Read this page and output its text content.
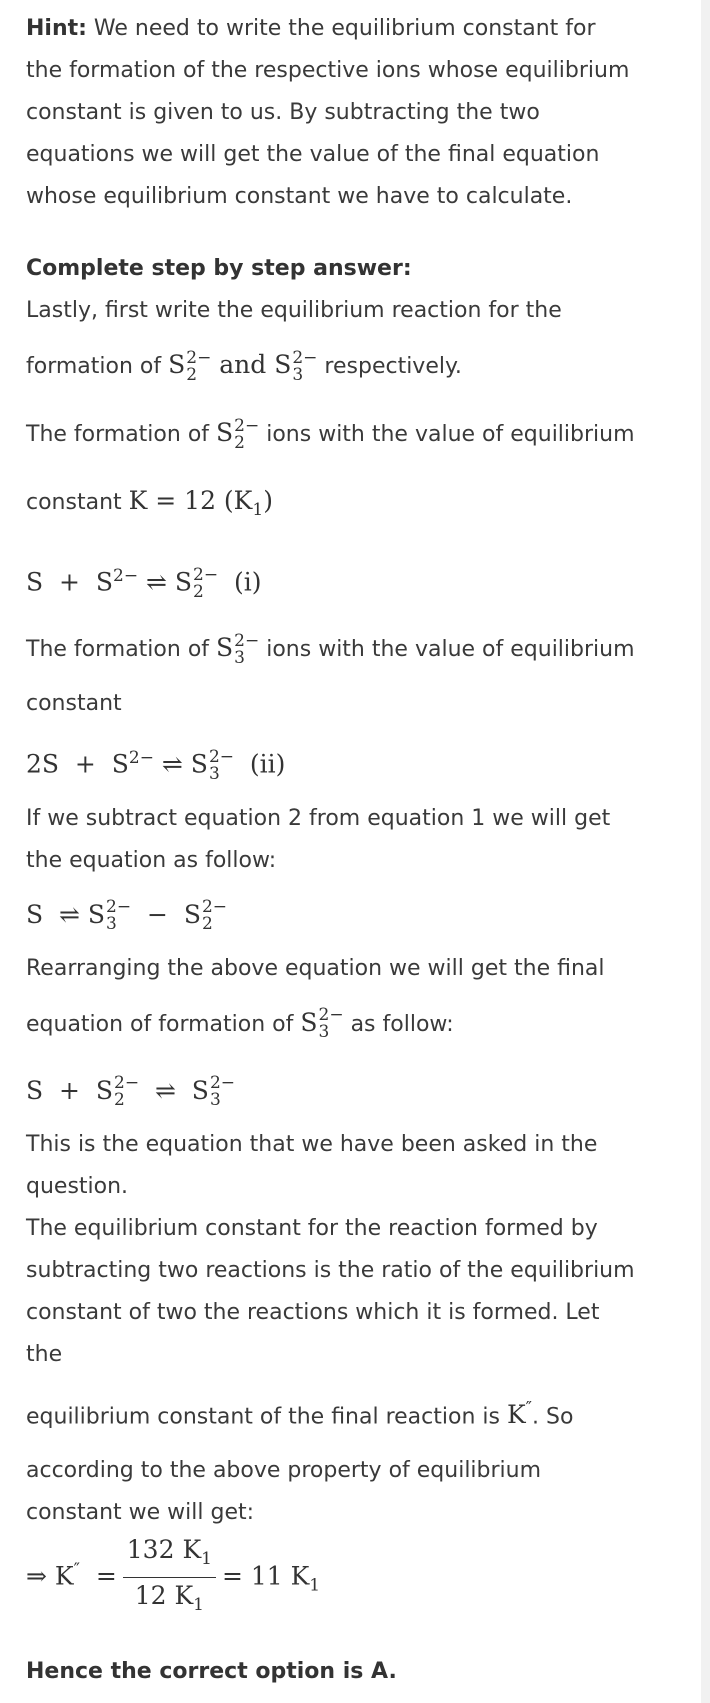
Hint: We need to write the equilibrium constant for the formation of the respective ions whose equilibrium constant is given to us. By subtracting the two equations we will get the value of the final equation whose equilibrium constant we have to calculate.

Complete step by step answer:

Lastly, first write the equilibrium reaction for the

formation of S 2−
2 and S 2−
3 respectively.

The formation of S 2−
2 ions with the value of equilibrium

constant K = 12 $(K_1)$

$S + S^{2-}$ ⇌ S 2−
2	(i)

The formation of S 2−
3 ions with the value of equilibrium

constant

$2S + S^{2-}$ ⇌ S 2−
3	(ii)

If we subtract equation 2 from equation 1 we will get the equation as follow:

S  ⇌ S 2−
3 −  S 2−
2

Rearranging the above equation we will get the final

equation of formation of S 2−
3 as follow:

S  +  S 2−
2 ⇌  S 2−
3

This is the equation that we have been asked in the question.

The equilibrium constant for the reaction formed by subtracting two reactions is the ratio of the equilibrium constant of two the reactions which it is formed. Let the

equilibrium constant of the final reaction is K″. So

according to the above property of equilibrium constant we will get:

⇒ $K'' = \frac{132 K_1}{12 K_1} = 11$ $K_1$

Hence the correct option is A.
